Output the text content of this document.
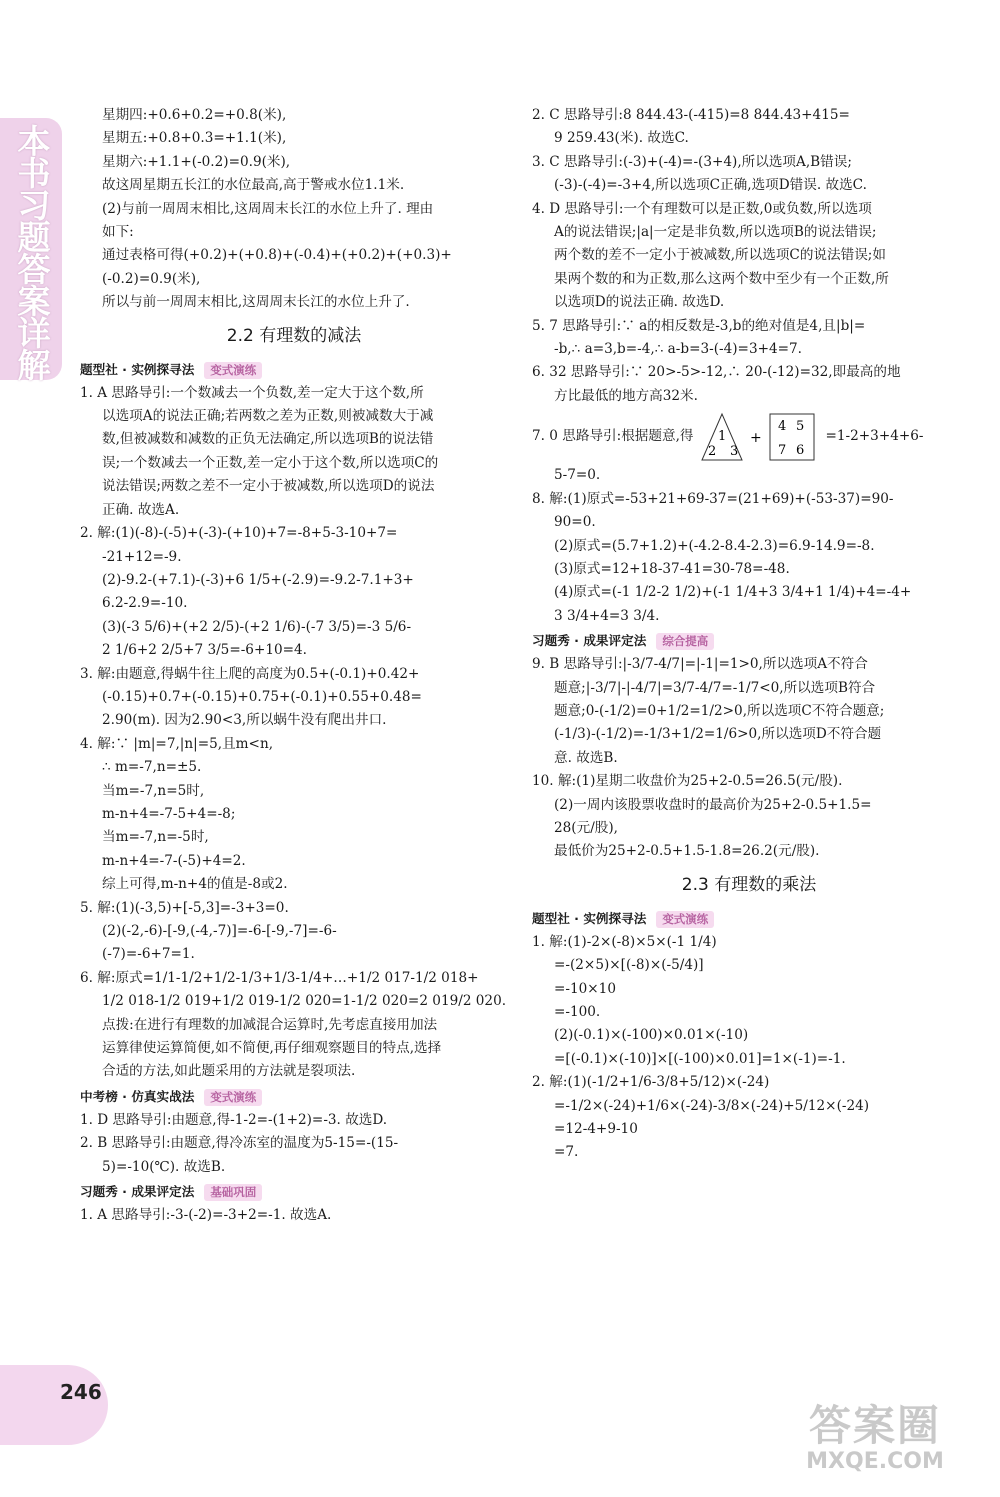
本书习题答案详解
星期四:+0.6+0.2=+0.8(米),
星期五:+0.8+0.3=+1.1(米),
星期六:+1.1+(-0.2)=0.9(米),
故这周星期五长江的水位最高,高于警戒水位1.1米.
(2)与前一周周末相比,这周周末长江的水位上升了. 理由
如下:
通过表格可得(+0.2)+(+0.8)+(-0.4)+(+0.2)+(+0.3)+
(-0.2)=0.9(米),
所以与前一周周末相比,这周周末长江的水位上升了.
2.2 有理数的减法
题型社 · 实例探寻法 变式演练
1. A 思路导引:一个数减去一个负数,差一定大于这个数,所
以选项A的说法正确;若两数之差为正数,则被减数大于减
数,但被减数和减数的正负无法确定,所以选项B的说法错
误;一个数减去一个正数,差一定小于这个数,所以选项C的
说法错误;两数之差不一定小于被减数,所以选项D的说法
正确. 故选A.
2. 解:(1)(-8)-(-5)+(-3)-(+10)+7=-8+5-3-10+7=
-21+12=-9.
(2)-9.2-(+7.1)-(-3)+6 1/5+(-2.9)=-9.2-7.1+3+
6.2-2.9=-10.
(3)(-3 5/6)+(+2 2/5)-(+2 1/6)-(-7 3/5)=-3 5/6-
2 1/6+2 2/5+7 3/5=-6+10=4.
3. 解:由题意,得蜗牛往上爬的高度为0.5+(-0.1)+0.42+
(-0.15)+0.7+(-0.15)+0.75+(-0.1)+0.55+0.48=
2.90(m). 因为2.90<3,所以蜗牛没有爬出井口.
4. 解:∵ |m|=7,|n|=5,且m<n,
∴ m=-7,n=±5.
当m=-7,n=5时,
m-n+4=-7-5+4=-8;
当m=-7,n=-5时,
m-n+4=-7-(-5)+4=2.
综上可得,m-n+4的值是-8或2.
5. 解:(1)(-3,5)+[-5,3]=-3+3=0.
(2)(-2,-6)-[-9,(-4,-7)]=-6-[-9,-7]=-6-
(-7)=-6+7=1.
6. 解:原式=1/1-1/2+1/2-1/3+1/3-1/4+…+1/2 017-1/2 018+
1/2 018-1/2 019+1/2 019-1/2 020=1-1/2 020=2 019/2 020.
点拨:在进行有理数的加减混合运算时,先考虑直接用加法
运算律使运算简便,如不简便,再仔细观察题目的特点,选择
合适的方法,如此题采用的方法就是裂项法.
中考榜 · 仿真实战法 变式演练
1. D 思路导引:由题意,得-1-2=-(1+2)=-3. 故选D.
2. B 思路导引:由题意,得冷冻室的温度为5-15=-(15-
5)=-10(℃). 故选B.
习题秀 · 成果评定法 基础巩固
1. A 思路导引:-3-(-2)=-3+2=-1. 故选A.
2. C 思路导引:8 844.43-(-415)=8 844.43+415=
9 259.43(米). 故选C.
3. C 思路导引:(-3)+(-4)=-(3+4),所以选项A,B错误;
(-3)-(-4)=-3+4,所以选项C正确,选项D错误. 故选C.
4. D 思路导引:一个有理数可以是正数,0或负数,所以选项
A的说法错误;|a|一定是非负数,所以选项B的说法错误;
两个数的差不一定小于被减数,所以选项C的说法错误;如
果两个数的和为正数,那么这两个数中至少有一个正数,所
以选项D的说法正确. 故选D.
5. 7 思路导引:∵ a的相反数是-3,b的绝对值是4,且|b|=
-b,∴ a=3,b=-4,∴ a-b=3-(-4)=3+4=7.
6. 32 思路导引:∵ 20>-5>-12,∴ 20-(-12)=32,即最高的地
方比最低的地方高32米.
7. 0 思路导引:根据题意,得	+
1
2 3
4 5
7 6
=1-2+3+4+6-
5-7=0.
8. 解:(1)原式=-53+21+69-37=(21+69)+(-53-37)=90-
90=0.
(2)原式=(5.7+1.2)+(-4.2-8.4-2.3)=6.9-14.9=-8.
(3)原式=12+18-37-41=30-78=-48.
(4)原式=(-1 1/2-2 1/2)+(-1 1/4+3 3/4+1 1/4)+4=-4+
3 3/4+4=3 3/4.
习题秀 · 成果评定法 综合提高
9. B 思路导引:|-3/7-4/7|=|-1|=1>0,所以选项A不符合
题意;|-3/7|-|-4/7|=3/7-4/7=-1/7<0,所以选项B符合
题意;0-(-1/2)=0+1/2=1/2>0,所以选项C不符合题意;
(-1/3)-(-1/2)=-1/3+1/2=1/6>0,所以选项D不符合题
意. 故选B.
10. 解:(1)星期二收盘价为25+2-0.5=26.5(元/股).
(2)一周内该股票收盘时的最高价为25+2-0.5+1.5=
28(元/股),
最低价为25+2-0.5+1.5-1.8=26.2(元/股).
2.3 有理数的乘法
题型社 · 实例探寻法 变式演练
1. 解:(1)-2×(-8)×5×(-1 1/4)
=-(2×5)×[(-8)×(-5/4)]
=-10×10
=-100.
(2)(-0.1)×(-100)×0.01×(-10)
=[(-0.1)×(-10)]×[(-100)×0.01]=1×(-1)=-1.
2. 解:(1)(-1/2+1/6-3/8+5/12)×(-24)
=-1/2×(-24)+1/6×(-24)-3/8×(-24)+5/12×(-24)
=12-4+9-10
=7.
246
答案圈
MXQE.COM
